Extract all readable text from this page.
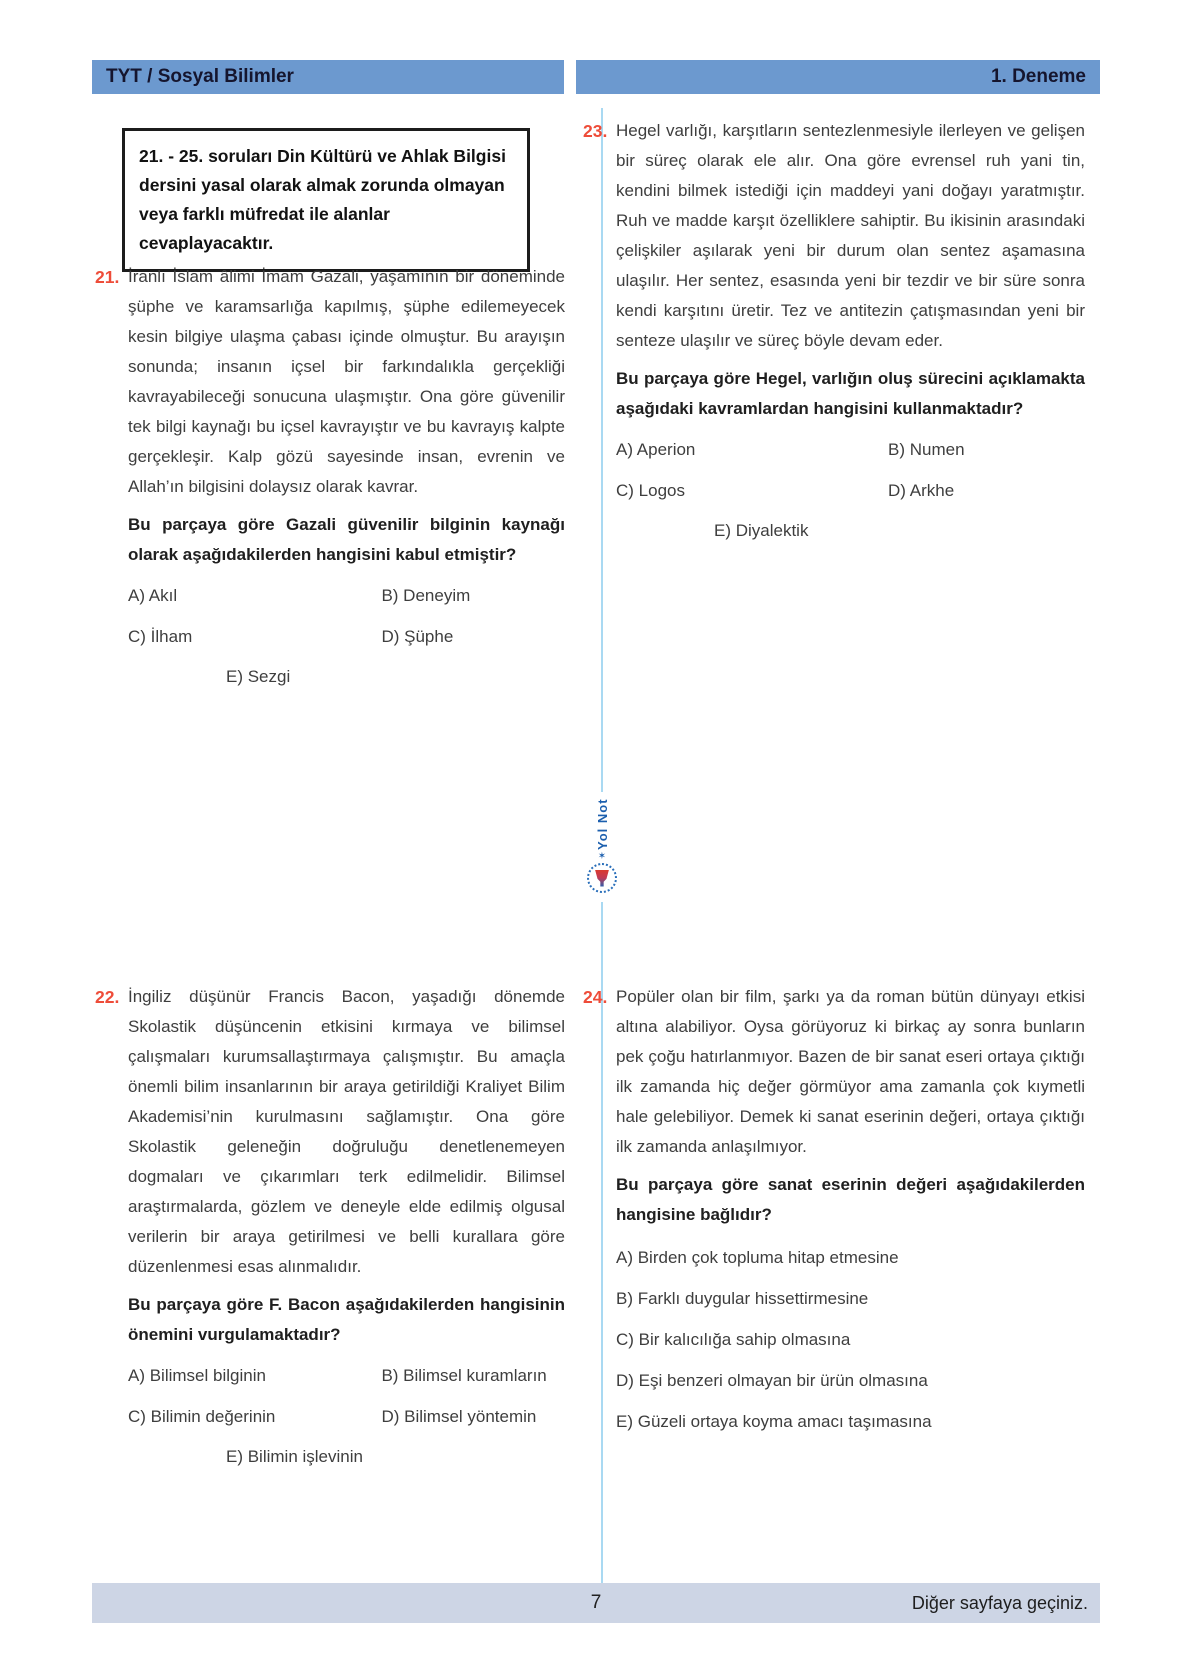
TYT / Sosyal Bilimler	1. Deneme
21. - 25. soruları Din Kültürü ve Ahlak Bilgisi dersini yasal olarak almak zorunda olmayan veya farklı müfredat ile alanlar cevaplayacaktır.
Yol Not
✶
21. İranlı İslam âlimi İmam Gazali, yaşamının bir döneminde şüphe ve karamsarlığa kapılmış, şüphe edilemeyecek kesin bilgiye ulaşma çabası içinde olmuştur. Bu arayışın sonunda; insanın içsel bir farkındalıkla gerçekliği kavrayabileceği sonucuna ulaşmıştır. Ona göre güvenilir tek bilgi kaynağı bu içsel kavrayıştır ve bu kavrayış kalpte gerçekleşir. Kalp gözü sayesinde insan, evrenin ve Allah’ın bilgisini dolaysız olarak kavrar.

Bu parçaya göre Gazali güvenilir bilginin kaynağı olarak aşağıdakilerden hangisini kabul etmiştir?

A) Akıl	B) Deneyim
C) İlham	D) Şüphe
E) Sezgi
22. İngiliz düşünür Francis Bacon, yaşadığı dönemde Skolastik düşüncenin etkisini kırmaya ve bilimsel çalışmaları kurumsallaştırmaya çalışmıştır. Bu amaçla önemli bilim insanlarının bir araya getirildiği Kraliyet Bilim Akademisi’nin kurulmasını sağlamıştır. Ona göre Skolastik geleneğin doğruluğu denetlenemeyen dogmaları ve çıkarımları terk edilmelidir. Bilimsel araştırmalarda, gözlem ve deneyle elde edilmiş olgusal verilerin bir araya getirilmesi ve belli kurallara göre düzenlenmesi esas alınmalıdır.

Bu parçaya göre F. Bacon aşağıdakilerden hangisinin önemini vurgulamaktadır?

A) Bilimsel bilginin	B) Bilimsel kuramların
C) Bilimin değerinin	D) Bilimsel yöntemin
E) Bilimin işlevinin
23. Hegel varlığı, karşıtların sentezlenmesiyle ilerleyen ve gelişen bir süreç olarak ele alır. Ona göre evrensel ruh yani tin, kendini bilmek istediği için maddeyi yani doğayı yaratmıştır. Ruh ve madde karşıt özelliklere sahiptir. Bu ikisinin arasındaki çelişkiler aşılarak yeni bir durum olan sentez aşamasına ulaşılır. Her sentez, esasında yeni bir tezdir ve bir süre sonra kendi karşıtını üretir. Tez ve antitezin çatışmasından yeni bir senteze ulaşılır ve süreç böyle devam eder.

Bu parçaya göre Hegel, varlığın oluş sürecini açıklamakta aşağıdaki kavramlardan hangisini kullanmaktadır?

A) Aperion	B) Numen
C) Logos	D) Arkhe
E) Diyalektik
24. Popüler olan bir film, şarkı ya da roman bütün dünyayı etkisi altına alabiliyor. Oysa görüyoruz ki birkaç ay sonra bunların pek çoğu hatırlanmıyor. Bazen de bir sanat eseri ortaya çıktığı ilk zamanda hiç değer görmüyor ama zamanla çok kıymetli hale gelebiliyor. Demek ki sanat eserinin değeri, ortaya çıktığı ilk zamanda anlaşılmıyor.

Bu parçaya göre sanat eserinin değeri aşağıdakilerden hangisine bağlıdır?

A) Birden çok topluma hitap etmesine
B) Farklı duygular hissettirmesine
C) Bir kalıcılığa sahip olmasına
D) Eşi benzeri olmayan bir ürün olmasına
E) Güzeli ortaya koyma amacı taşımasına
7	Diğer sayfaya geçiniz.
